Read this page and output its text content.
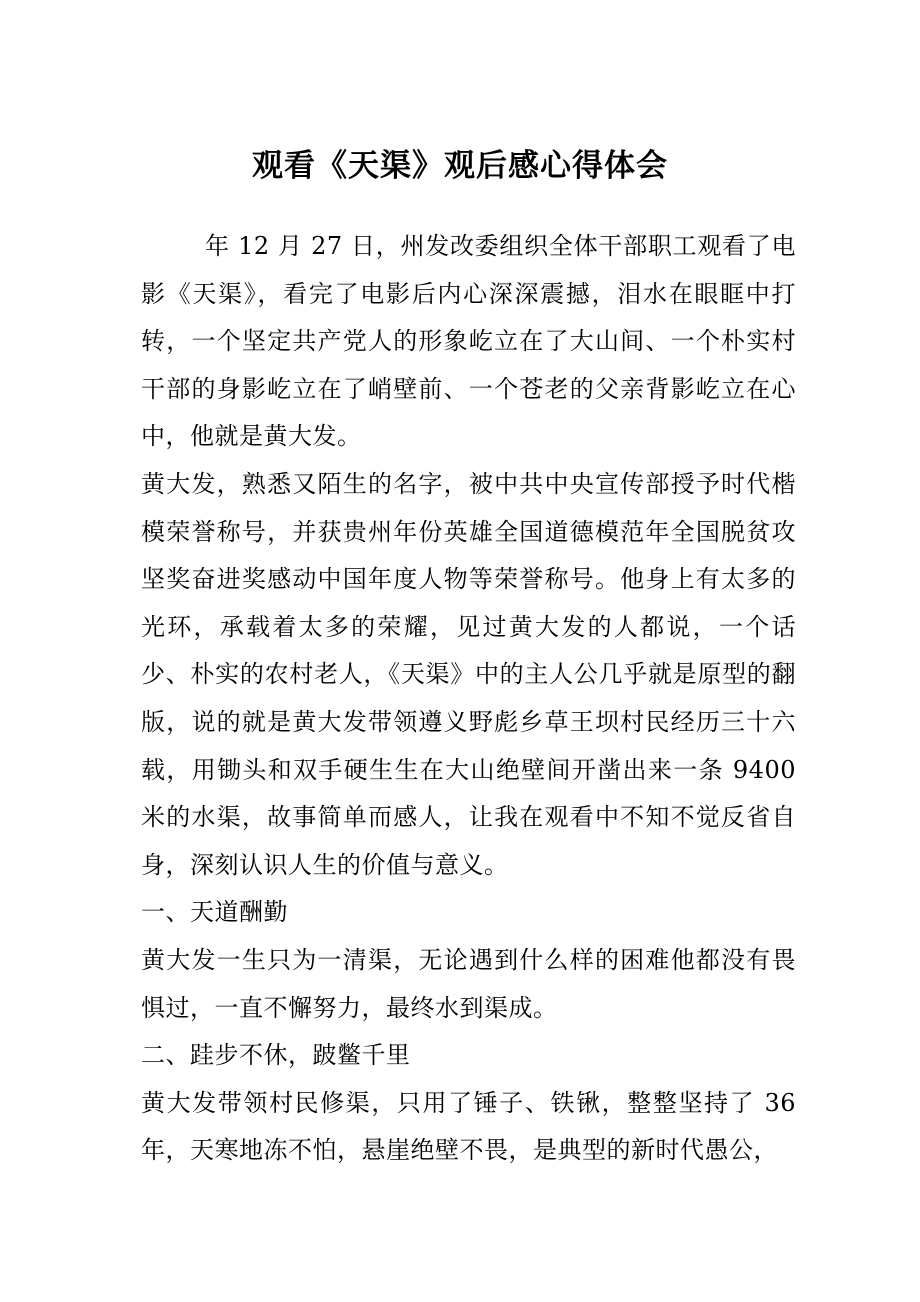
观看《天渠》观后感心得体会

年 12 月 27 日，州发改委组织全体干部职工观看了电影《天渠》，看完了电影后内心深深震撼，泪水在眼眶中打转，一个坚定共产党人的形象屹立在了大山间、一个朴实村干部的身影屹立在了峭壁前、一个苍老的父亲背影屹立在心中，他就是黄大发。

黄大发，熟悉又陌生的名字，被中共中央宣传部授予时代楷模荣誉称号，并获贵州年份英雄全国道德模范年全国脱贫攻坚奖奋进奖感动中国年度人物等荣誉称号。他身上有太多的光环，承载着太多的荣耀，见过黄大发的人都说，一个话少、朴实的农村老人，《天渠》中的主人公几乎就是原型的翻版，说的就是黄大发带领遵义野彪乡草王坝村民经历三十六载，用锄头和双手硬生生在大山绝壁间开凿出来一条 9400 米的水渠，故事简单而感人，让我在观看中不知不觉反省自身，深刻认识人生的价值与意义。

一、天道酬勤

黄大发一生只为一清渠，无论遇到什么样的困难他都没有畏惧过，一直不懈努力，最终水到渠成。

二、跬步不休，跛鳖千里

黄大发带领村民修渠，只用了锤子、铁锹，整整坚持了 36 年，天寒地冻不怕，悬崖绝壁不畏，是典型的新时代愚公，
